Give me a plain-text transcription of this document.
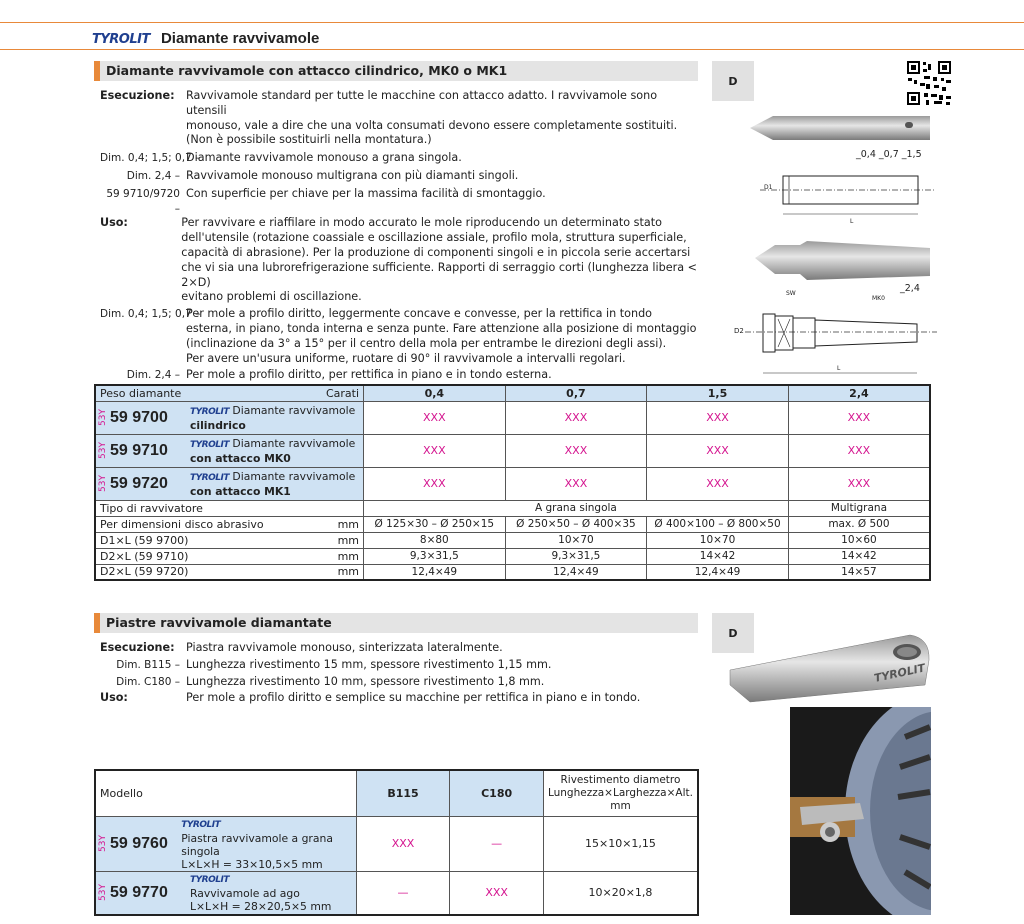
TYROLIT Diamante ravvivamole
Diamante ravvivamole con attacco cilindrico, MK0 o MK1
D
Esecuzione:	Ravvivamole standard per tutte le macchine con attacco adatto. I ravvivamole sono utensili
monouso, vale a dire che una volta consumati devono essere completamente sostituiti.
(Non è possibile sostituirli nella montatura.)
Dim. 0,4; 1,5; 0,7 –
Diamante ravvivamole monouso a grana singola.
Dim. 2,4 – Ravvivamole monouso multigrana con più diamanti singoli.
59 9710/9720 –
Con superficie per chiave per la massima facilità di smontaggio.
Uso:	Per ravvivare e riaffilare in modo accurato le mole riproducendo un determinato stato
dell'utensile (rotazione coassiale e oscillazione assiale, profilo mola, struttura superficiale,
capacità di abrasione). Per la produzione di componenti singoli e in piccola serie accertarsi
che vi sia una lubrorefrigerazione sufficiente. Rapporti di serraggio corti (lunghezza libera < 2×D)
evitano problemi di oscillazione.
Dim. 0,4; 1,5; 0,7 –
Per mole a profilo diritto, leggermente concave e convesse, per la rettifica in tondo
esterna, in piano, tonda interna e senza punte. Fare attenzione alla posizione di montaggio
(inclinazione da 3° a 15° per il centro della mola per entrambe le direzioni degli assi).
Per avere un'usura uniforme, ruotare di 90° il ravvivamole a intervalli regolari.
Dim. 2,4 – Per mole a profilo diritto, per rettifica in piano e in tondo esterna.
_0,4 _0,7 _1,5
D1
L
_2,4
SW
MK0
D2
L
Peso diamante Carati	0,4	0,7	1,5	2,4

53Y 59 9700 TYROLIT Diamante ravvivamole
cilindrico	XXX	XXX	XXX	XXX

53Y 59 9710 TYROLIT Diamante ravvivamole
con attacco MK0	XXX	XXX	XXX	XXX

53Y 59 9720 TYROLIT Diamante ravvivamole
con attacco MK1	XXX	XXX	XXX	XXX
Tipo di ravvivatore	A grana singola			Multigrana
Per dimensioni disco abrasivo mm	Ø 125×30 – Ø 250×15	Ø 250×50 – Ø 400×35	Ø 400×100 – Ø 800×50	max. Ø 500
D1×L (59 9700) mm	8×80	10×70	10×70	10×60
D2×L (59 9710) mm	9,3×31,5	9,3×31,5	14×42	14×42
D2×L (59 9720) mm	12,4×49	12,4×49	12,4×49	14×57
Piastre ravvivamole diamantate
D
Esecuzione:	Piastra ravvivamole monouso, sinterizzata lateralmente.
Dim. B115 – Lunghezza rivestimento 15 mm, spessore rivestimento 1,15 mm.
Dim. C180 – Lunghezza rivestimento 10 mm, spessore rivestimento 1,8 mm.
Uso:	Per mole a profilo diritto e semplice su macchine per rettifica in piano e in tondo.
TYROLIT
Modello	B115	C180	Rivestimento diametro
Lunghezza×Larghezza×Alt.
mm

53Y 59 9760
TYROLIT
Piastra ravvivamole a grana singola
L×L×H = 33×10,5×5 mm	XXX	—	15×10×1,15

53Y 59 9770
TYROLIT
Ravvivamole ad ago
L×L×H = 28×20,5×5 mm	—	XXX	10×20×1,8
